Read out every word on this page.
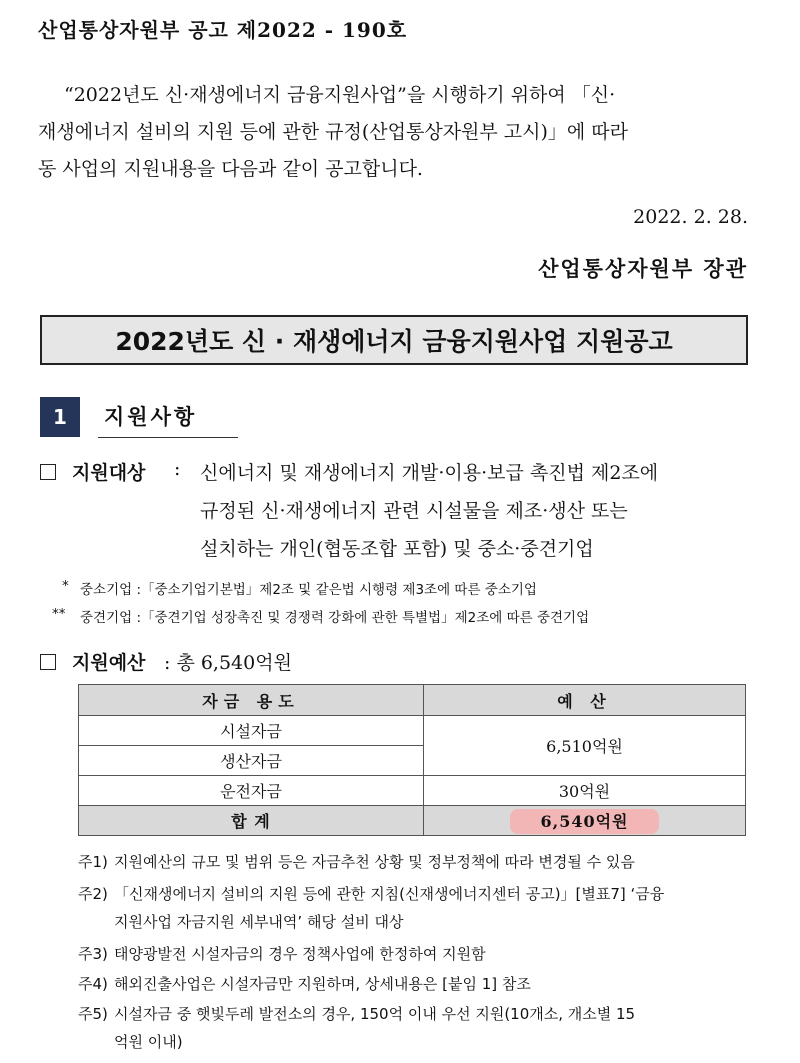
산업통상자원부 공고 제2022 - 190호
“2022년도 신·재생에너지 금융지원사업”을 시행하기 위하여 「신·
재생에너지 설비의 지원 등에 관한 규정(산업통상자원부 고시)」에 따라
동 사업의 지원내용을 다음과 같이 공고합니다.
2022. 2. 28.
산업통상자원부 장관
2022년도 신 · 재생에너지 금융지원사업 지원공고
1	지원사항
지원대상 : 신에너지 및 재생에너지 개발·이용·보급 촉진법 제2조에
규정된 신·재생에너지 관련 시설물을 제조·생산 또는
설치하는 개인(협동조합 포함) 및 중소·중견기업
* 중소기업 :「중소기업기본법」제2조 및 같은법 시행령 제3조에 따른 중소기업
** 중견기업 :「중견기업 성장촉진 및 경쟁력 강화에 관한 특별법」제2조에 따른 중견기업
지원예산 : 총 6,540억원
자금 용도	예 산
시설자금	6,510억원
생산자금	
운전자금	30억원
합 계	6,540억원
주1) 지원예산의 규모 및 범위 등은 자금추천 상황 및 정부정책에 따라 변경될 수 있음
주2) 「신재생에너지 설비의 지원 등에 관한 지침(신재생에너지센터 공고)」[별표7] ‘금융
지원사업 자금지원 세부내역’ 해당 설비 대상
주3) 태양광발전 시설자금의 경우 정책사업에 한정하여 지원함
주4) 해외진출사업은 시설자금만 지원하며, 상세내용은 [붙임 1] 참조
주5) 시설자금 중 햇빛두레 발전소의 경우, 150억 이내 우선 지원(10개소, 개소별 15
억원 이내)
